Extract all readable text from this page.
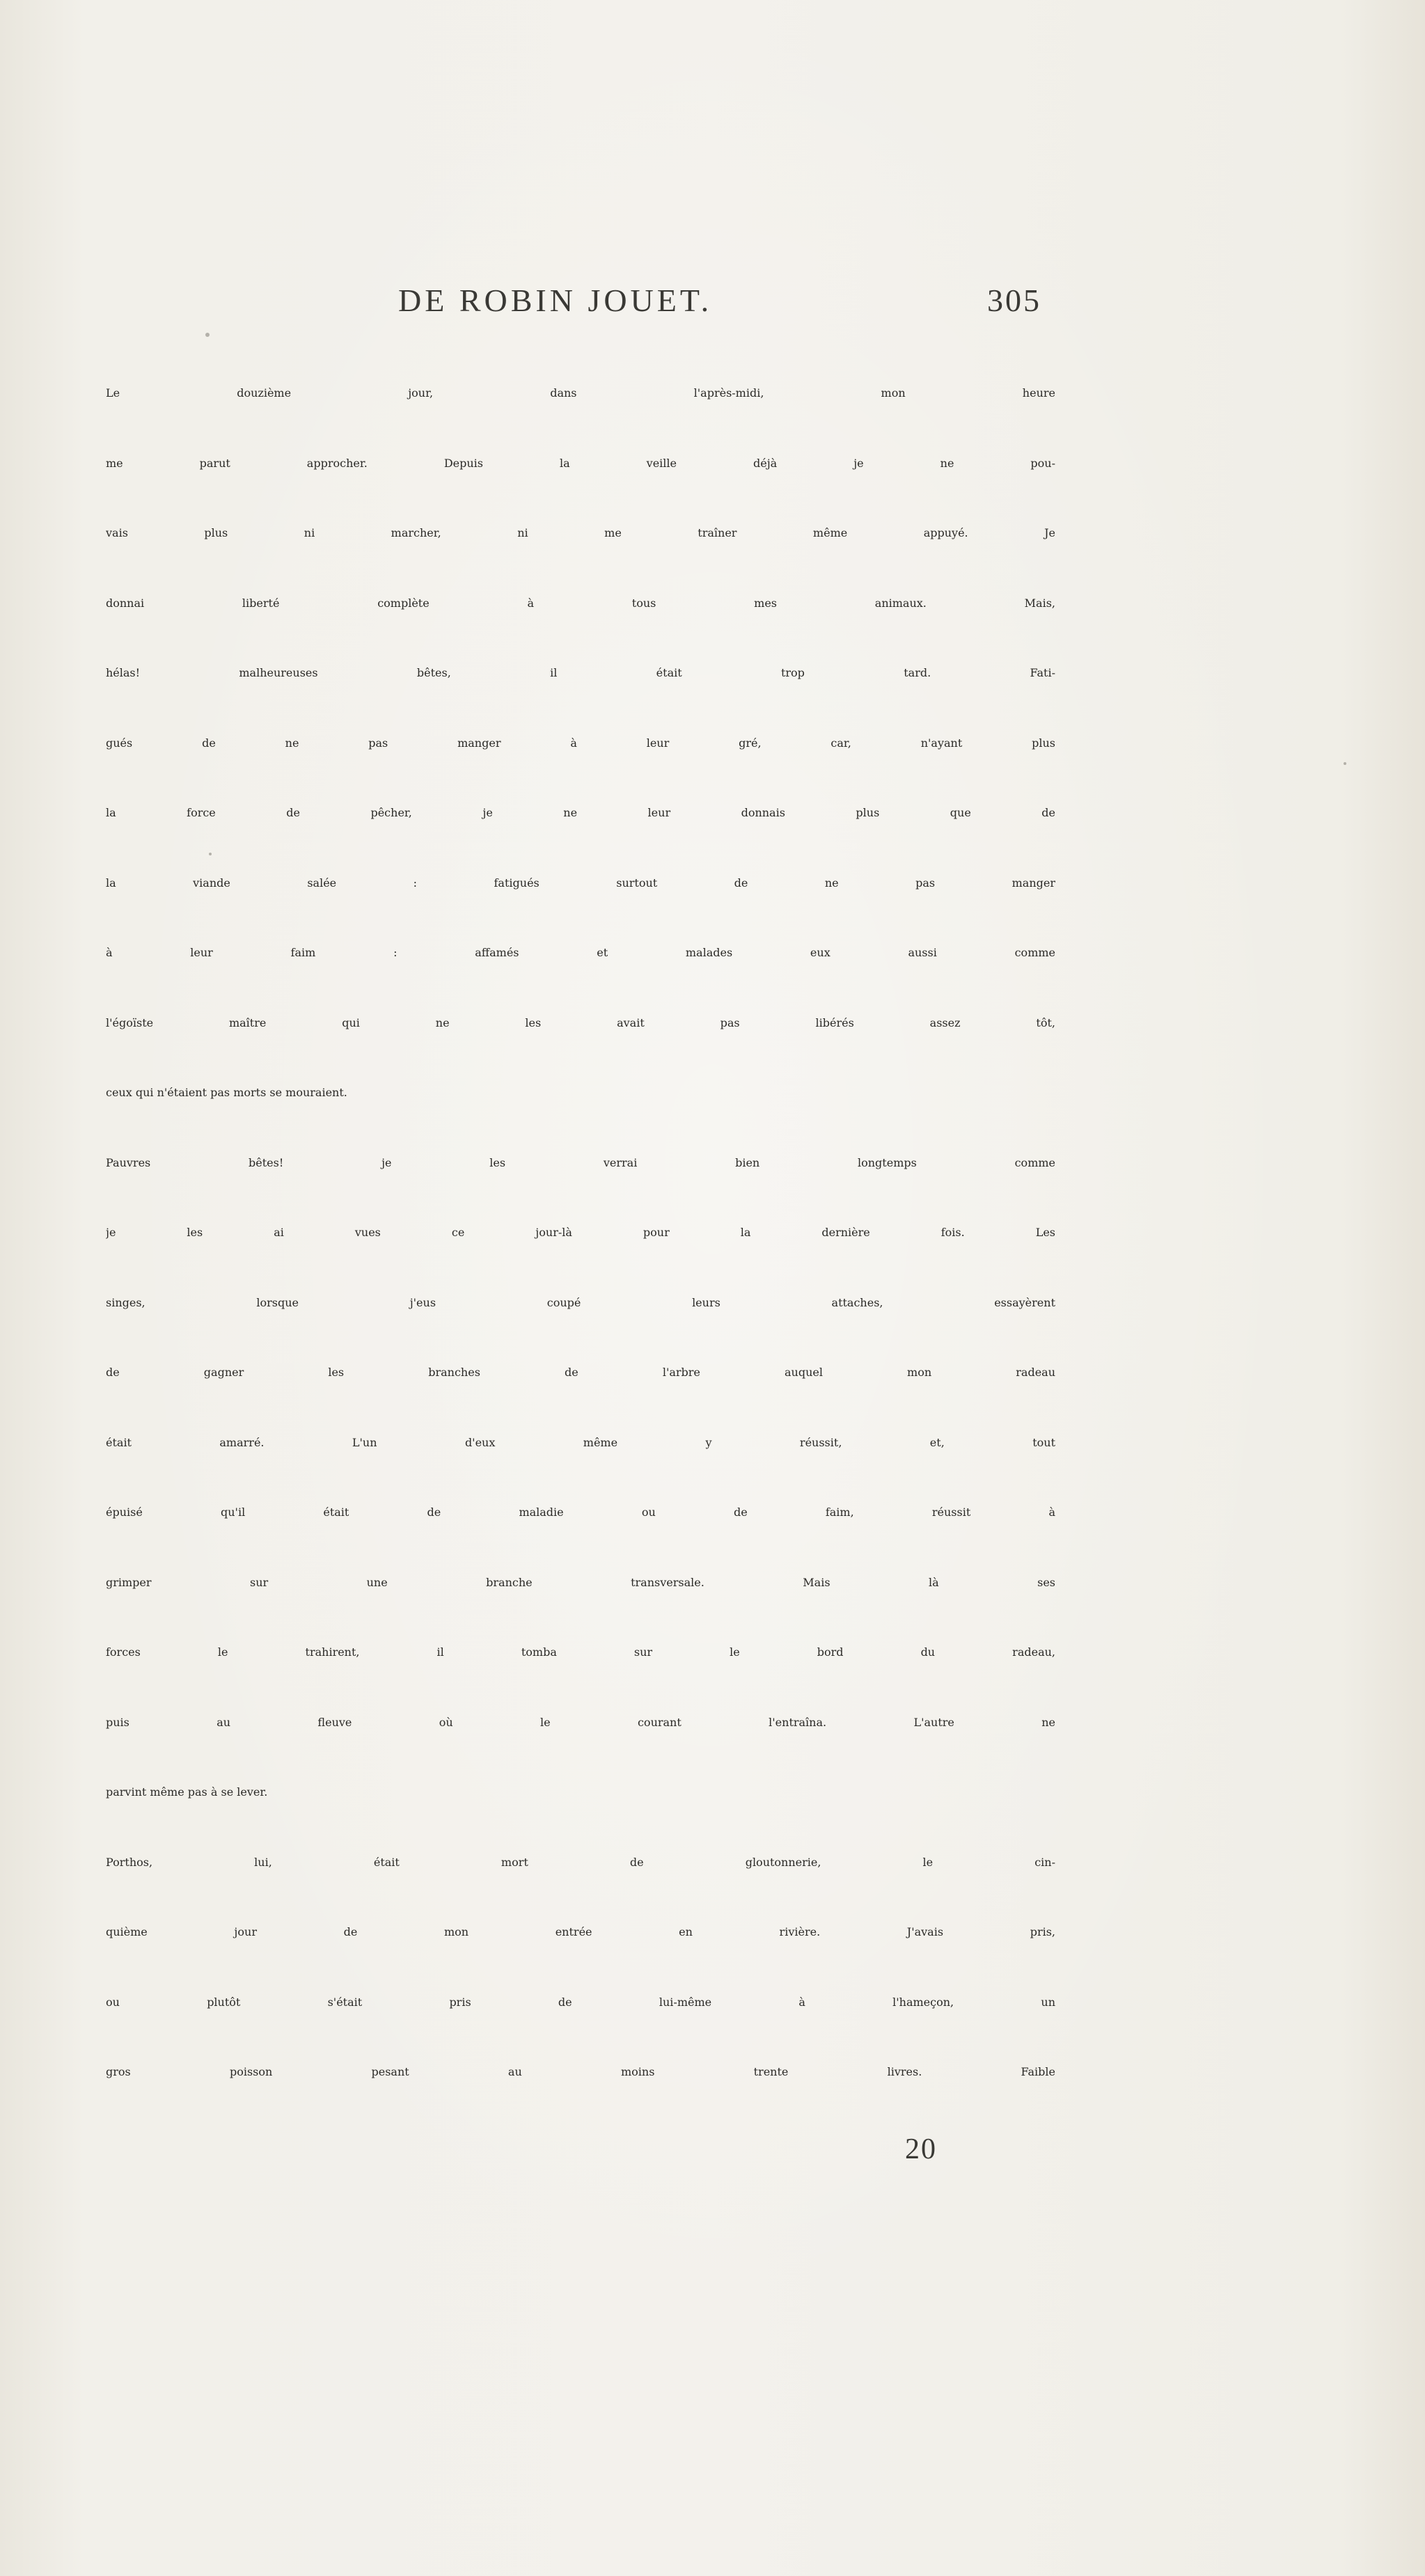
DE ROBIN JOUET.	305
Le douzième jour, dans l'après-midi, mon heure
me parut approcher. Depuis la veille déjà je ne pou-
vais plus ni marcher, ni me traîner même appuyé. Je
donnai liberté complète à tous mes animaux. Mais,
hélas! malheureuses bêtes, il était trop tard. Fati-
gués de ne pas manger à leur gré, car, n'ayant plus
la force de pêcher, je ne leur donnais plus que de
la viande salée : fatigués surtout de ne pas manger
à leur faim : affamés et malades eux aussi comme
l'égoïste maître qui ne les avait pas libérés assez tôt,
ceux qui n'étaient pas morts se mouraient.
Pauvres bêtes! je les verrai bien longtemps comme
je les ai vues ce jour-là pour la dernière fois. Les
singes, lorsque j'eus coupé leurs attaches, essayèrent
de gagner les branches de l'arbre auquel mon radeau
était amarré. L'un d'eux même y réussit, et, tout
épuisé qu'il était de maladie ou de faim, réussit à
grimper sur une branche transversale. Mais là ses
forces le trahirent, il tomba sur le bord du radeau,
puis au fleuve où le courant l'entraîna. L'autre ne
parvint même pas à se lever.
Porthos, lui, était mort de gloutonnerie, le cin-
quième jour de mon entrée en rivière. J'avais pris,
ou plutôt s'était pris de lui-même à l'hameçon, un
gros poisson pesant au moins trente livres. Faible
20
